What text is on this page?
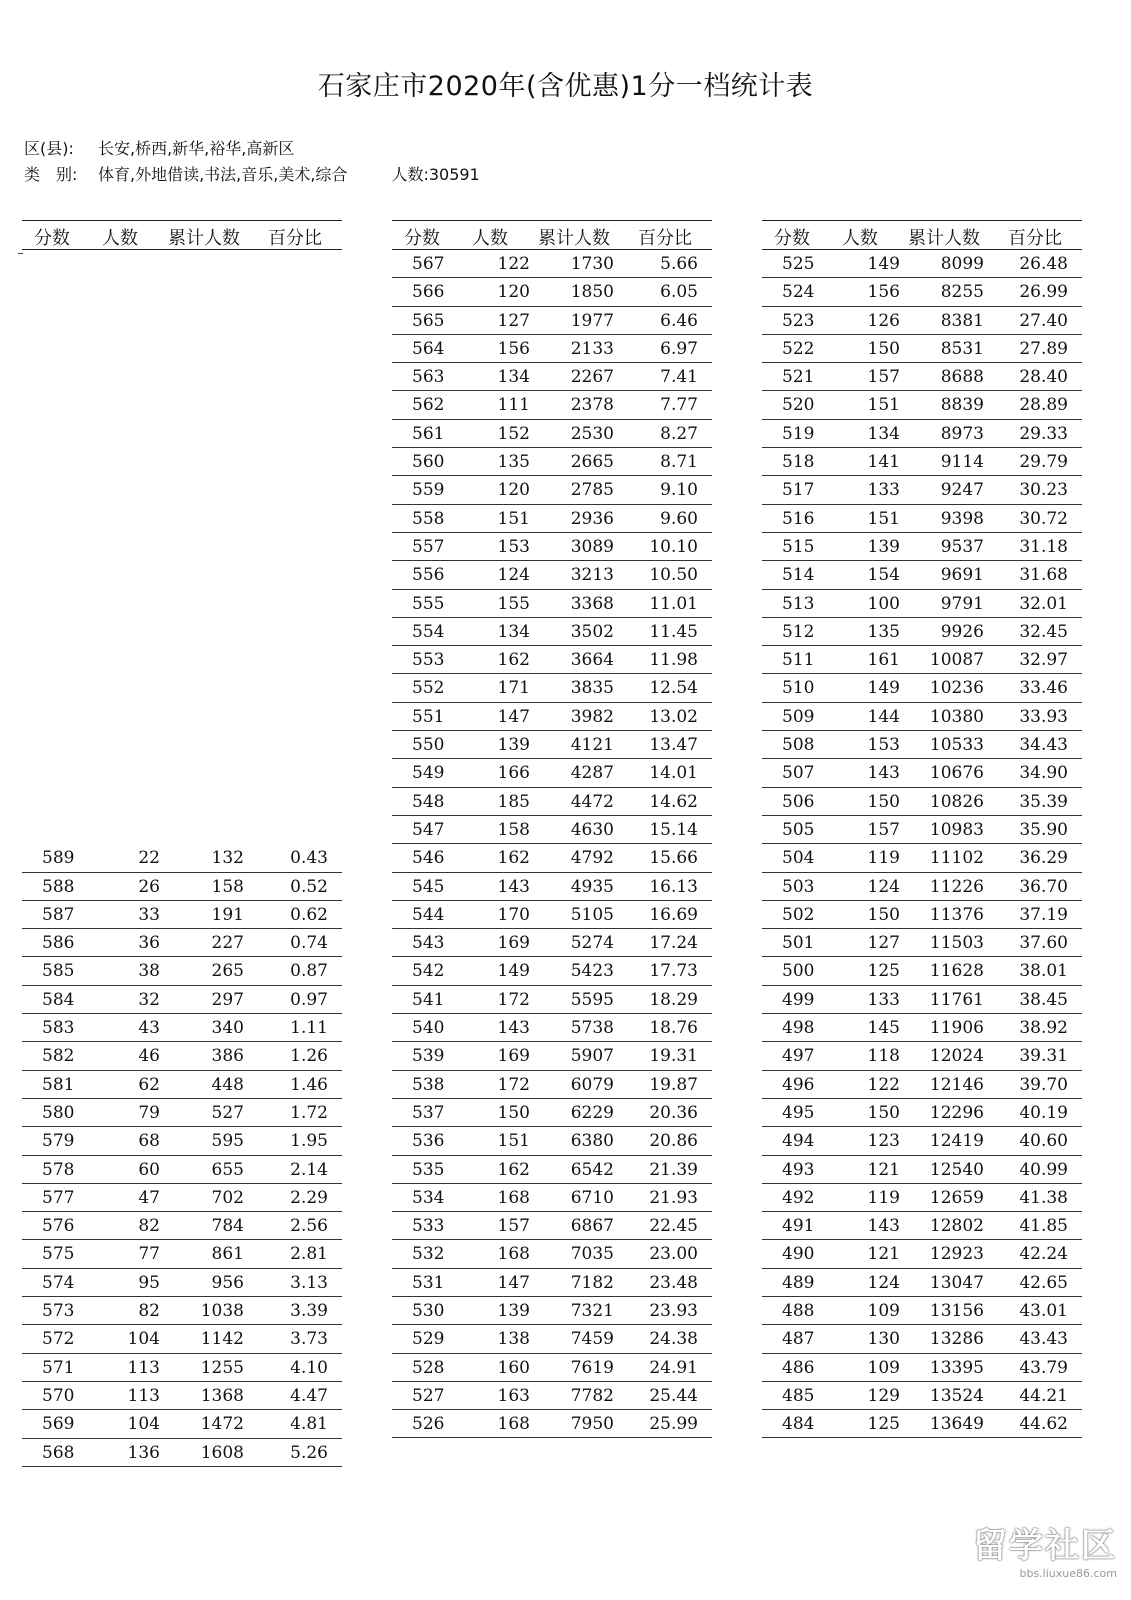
石家庄市2020年(含优惠)1分一档统计表
区(县): 长安,桥西,新华,裕华,高新区
类　别: 体育,外地借读,书法,音乐,美术,综合	人数:30591
分数 人数 累计人数 百分比
589	22	132	0.43
588	26	158	0.52
587	33	191	0.62
586	36	227	0.74
585	38	265	0.87
584	32	297	0.97
583	43	340	1.11
582	46	386	1.26
581	62	448	1.46
580	79	527	1.72
579	68	595	1.95
578	60	655	2.14
577	47	702	2.29
576	82	784	2.56
575	77	861	2.81
574	95	956	3.13
573	82 1038	3.39
572	104 1142	3.73
571	113 1255	4.10
570	113 1368	4.47
569	104 1472	4.81
568	136 1608	5.26
分数 人数 累计人数 百分比
567	122 1730	5.66
566	120 1850	6.05
565	127 1977	6.46
564	156 2133	6.97
563	134 2267	7.41
562	111 2378	7.77
561	152 2530	8.27
560	135 2665	8.71
559	120 2785	9.10
558	151 2936	9.60
557	153 3089 10.10
556	124 3213 10.50
555	155 3368 11.01
554	134 3502 11.45
553	162 3664 11.98
552	171 3835 12.54
551	147 3982 13.02
550	139 4121 13.47
549	166 4287 14.01
548	185 4472 14.62
547	158 4630 15.14
546	162 4792 15.66
545	143 4935 16.13
544	170 5105 16.69
543	169 5274 17.24
542	149 5423 17.73
541	172 5595 18.29
540	143 5738 18.76
539	169 5907 19.31
538	172 6079 19.87
537	150 6229 20.36
536	151 6380 20.86
535	162 6542 21.39
534	168 6710 21.93
533	157 6867 22.45
532	168 7035 23.00
531	147 7182 23.48
530	139 7321 23.93
529	138 7459 24.38
528	160 7619 24.91
527	163 7782 25.44
526	168 7950 25.99
分数 人数 累计人数 百分比
525	149 8099 26.48
524	156 8255 26.99
523	126 8381 27.40
522	150 8531 27.89
521	157 8688 28.40
520	151 8839 28.89
519	134 8973 29.33
518	141 9114 29.79
517	133 9247 30.23
516	151 9398 30.72
515	139 9537 31.18
514	154 9691 31.68
513	100 9791 32.01
512	135 9926 32.45
511	161 10087 32.97
510	149 10236 33.46
509	144 10380 33.93
508	153 10533 34.43
507	143 10676 34.90
506	150 10826 35.39
505	157 10983 35.90
504	119 11102 36.29
503	124 11226 36.70
502	150 11376 37.19
501	127 11503 37.60
500	125 11628 38.01
499	133 11761 38.45
498	145 11906 38.92
497	118 12024 39.31
496	122 12146 39.70
495	150 12296 40.19
494	123 12419 40.60
493	121 12540 40.99
492	119 12659 41.38
491	143 12802 41.85
490	121 12923 42.24
489	124 13047 42.65
488	109 13156 43.01
487	130 13286 43.43
486	109 13395 43.79
485	129 13524 44.21
484	125 13649 44.62
留学社区
bbs.liuxue86.com
